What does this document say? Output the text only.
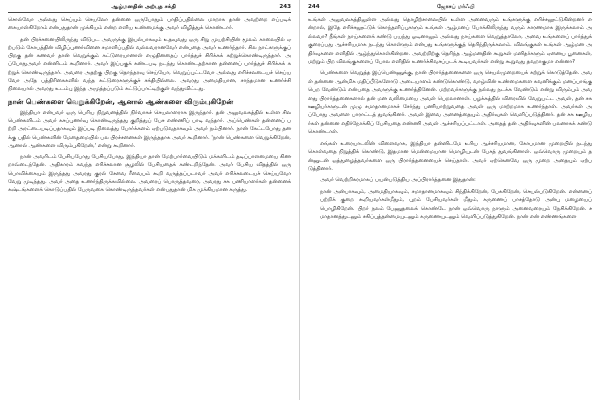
ஆழ்மனதின் அற்புத சக்தி	243

சொல்வோ அல்லது செய்யும் செயலோ தன்னை ஒருபோதும் பாதிப்பதில்லை மாறாக தான் அவற்றை எப்படிக் கையாள்கிறோம் என்பதுதான் முக்கியம் என்ற எளிய உண்மைக்கு அவர் விழித்துக் கொண்டார்.

தன் பிரச்சனையிலிருந்து விடுபட அவருக்கு இயல்பாகவும் உதவுவது ஒரு சிறு முயற்சியின் மூலம் காலையில் ஏற்படும் கோபத்தின் விழிப்புணர்வினை சமாளிப்பதில் வல்லவரானவேர் என்பதை அவர் உணர்ந்தார். சில நாட்களுக்குப் பிறகு தன் கணவர் தான் வெறுக்கும் கட்டுரையானாள் எழுதினதைப் பார்த்துச் சிரிக்கக் கற்றுக்கொண்டிருந்தார். அப்போதுஅவர் என்னிடம் கூறினார். அவர் இப்பகுக் கண்டபடி நடந்து கொண்டதற்கான தன்னைப் பார்த்துச் சிரிக்கக் கற்றுக் கொண்டிருந்தார். அவரை அதற்கு பிறகு தொந்தரவு செய்யோ, வெறுப்புட்டவோ அல்லது எரிச்சலடையச் செய்யவோ அதே பத்திரிகைகளில் வந்த கட்டுரைகளுக்குச் சக்தியில்லை. அவரது அமைதியான, சாந்தமான உணர்ச்சி நிலையால் அவரது உடம்பு இந்த அமுத்தப்படும் கட்டுப்பாட்டிற்குள் வந்துவிட்டது.

நான் பெண்களை வெறுக்கிறேன், ஆனால் ஆண்களை விரும்புகிறேன்

இந்தியா என்பவர் ஒரு பெரிய நிறுவனத்தில் நிர்வாகச் செயலாளராக இருந்தார். தன் அலுவலகத்தில் உள்ள சில பெண்களிடம் அவர் கசப்புணர்வு கொண்டிருந்தது குறித்துப் பேச எண்ணிப் பாடி வந்தார். அப்பெண்கள் தன்னைப் பற்றி அரட்டையடிப்பதாகவும் இப்படி நிலைத்து போர்க்களம் ஏற்படுவதாகவும் அவர் நம்பினார். நான் கேட்டபோது தனக்கு பதில் பெண்களின் மேதைமையில் பல பிரச்சனைகள் இருந்ததாக அவர் கூறினார். 'நான் பெண்களை வெறுக்கிறேன், ஆனால் ஆண்களை விரும்புகிறேன்,' என்று கூறினார்.

நான் அவரிடம் பேசியபோது பேசியபோது, இந்தியா தான் மேற்பார்வையிடும் மக்களிடம் தடிப்பாளமையை கிணறாவ்டைந்தேன். அதிகாரம் கவந்த எரிச்சலான சூழலில் பேசியதைக் கண்டறிந்தேன். அவர் பேசிய விதத்தில் ஒரு பொவிக்கையும் இருந்தது அவரது குரல் சேவை ரீவைபம் கூறி வருத்தப்படாவர் அவர் எரிச்சலடையச் செய்யவோ வேறு முடிந்தது. அவர் அதை உணர்ந்திருக்கவில்லை. அவரைப் பொருத்தவரை, அவரது சக பணியாளர்கள் தன்னைக் கஷ்டங்களைக் கொடுப்பதில் பேருவகை கொண்டிருந்தவர்கள் என்பதுதான் மிக முக்கியமான கருத்து.

244	ஜோசப் மர்ஃபி

உங்கள் அலுவலகத்திலுள்ள அல்லது தொழிற்சாலையில் உள்ள அனைவரும் உங்களுக்கு எரிச்சலூட்டுகின்றனர் என்றால், இதே எரிச்சலூட்டுக் கொந்தளிப்புகளும் உங்கள் ஆழ்மனப் போக்கிலிருந்து வரும் காரணமாக இருக்கலாம் அல்லவா? நீங்கள் நாய்களைக் கண்டு பயந்து ஓடினாலும் அல்லது நாய்களை வெறுத்தாலோ, அவை உங்களைப் பார்த்துக் குரைப்பது ஆச்சரியமாக நடந்து கொள்ளும் என்பது உங்களுக்குத் தெரிந்திருக்கலாம். விலங்குகள் உங்கள் ஆழ்மன அதிர்வுகளை எளிதில் ஆழ்ந்துகொள்கின்றன. அவற்றிற்கு தெரிந்த ஆழ்மனதின் கூறுகள் மனிதர்களும் ஏனைய பூனைகள், மற்றும் பிற விலங்குகளைப் போல எளிதில் உணர்ச்சிவசப்படக் கூடியவர்கள் என்று கூறுவது தவறாகுமா என்னா?

பெண்களை வெறுத்த இப்பெண்ணுக்கு, நான் பிரார்த்தனைகளை ஒரு செயல்முறையைக் கற்றுக் கொடுத்தேன். அவள் தன்னை ஆன்மிக மதிப்பீடுகளோடு அடையாளம் கண்டுகொண்டு, வாழ்வின் உண்மைகளை கவனிக்கும் மனப்பாங்கு பெற வேண்டும் என்பதை அவளுக்கு உணர்த்தினேன். மற்றவர்களுக்கு நல்லது நடக்க வேண்டும் என்று விரும்பும் அவளது பிரார்த்தனைகளால் தன் மன வலிமையை அவள் பெறலானாள். பழக்கத்தில் விரைவில் வேறுபட்ட அவள், தன் சக ஊழியர்களுடன் முழு சமாதானமாகச் சேர்ந்து பணியாற்றுவதை அவள் ஒரு மாற்றமாக உணர்ந்தாள். அவர்கள் அப்போது அவளை பாராட்டத் துவங்கினர். அவள் இவை அனைத்தையும் அதிர்வுகள் வெளிப்படுத்தினர். தன் சக ஊழியர்கள் தன்னை எதிர்நோக்கிப் பேசியதை எண்ணி அவள் ஆச்சரியப்பட்டாள். அதைத் தன் அதிர்வுகளின் பலனாகக் கண்டு கொண்டாள்.

எங்கள் உரையாடலின் விளைவாக, இந்தியா தன்னிடமே உரிய ஆச்சரியமான, கோபமான முறையில் நடந்து கொள்வதை நிறுத்திக் கொண்டு, இதமான மென்மையான மொழியுடன் பேசத் துவங்கினாள். ஒவ்வொரு முறையும் தன்னுடன் ஒத்துழைத்தவர்களை ஒரு பிரார்த்தனையைச் செய்தாள். அவர் ஏற்கெனவே ஒரு முறை அதையும் ஏற்படுத்தினார்.

அவர் வெற்றிகரமாகப் பயன்படுத்திய அப்பிரார்த்தனை இதுதான்:

நான் அன்பாகவும், அமைதியாகவும், சமாதானமாகவும் சிந்திக்கிறேன், பேசுகிறேன், செயல்படுகிறேன். என்னைப் பற்றிக் குறை கூறியவர்கள்மீதும், புறம் பேசியவர்கள் மீதும், கருணைப் பாசத்தோடு அன்பு மழையைப் பொழிகிறேன். பிறர் நலம் பேணுதலைக் கொண்டே நான் ஒவ்வொரு நாளும் அனைவரையும் நேசிக்கிறேன். சமாதானத்துடனும் சகிப்புத்தன்மையுடனும் கருணையுடனும் வெளிப்படுத்துகிறேன். நான் என் எண்ணங்களை
